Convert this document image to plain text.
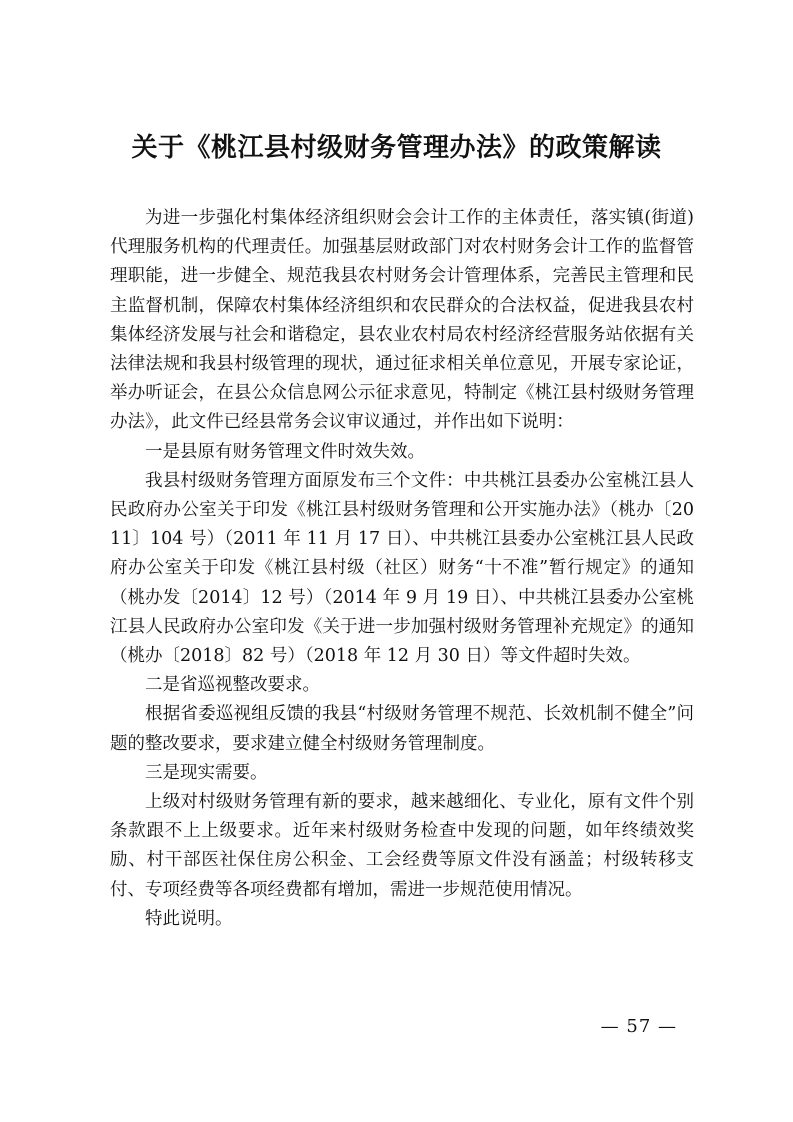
关于《桃江县村级财务管理办法》的政策解读

为进一步强化村集体经济组织财会会计工作的主体责任，落实镇(街道)代理服务机构的代理责任。加强基层财政部门对农村财务会计工作的监督管理职能，进一步健全、规范我县农村财务会计管理体系，完善民主管理和民主监督机制，保障农村集体经济组织和农民群众的合法权益，促进我县农村集体经济发展与社会和谐稳定，县农业农村局农村经济经营服务站依据有关法律法规和我县村级管理的现状，通过征求相关单位意见，开展专家论证，举办听证会，在县公众信息网公示征求意见，特制定《桃江县村级财务管理办法》，此文件已经县常务会议审议通过，并作出如下说明：

一是县原有财务管理文件时效失效。

我县村级财务管理方面原发布三个文件：中共桃江县委办公室桃江县人民政府办公室关于印发《桃江县村级财务管理和公开实施办法》（桃办〔2011〕104 号）（2011 年 11 月 17 日）、中共桃江县委办公室桃江县人民政府办公室关于印发《桃江县村级（社区）财务“十不准”暂行规定》的通知（桃办发〔2014〕12 号）（2014 年 9 月 19 日）、中共桃江县委办公室桃江县人民政府办公室印发《关于进一步加强村级财务管理补充规定》的通知（桃办〔2018〕82 号）（2018 年 12 月 30 日）等文件超时失效。

二是省巡视整改要求。

根据省委巡视组反馈的我县“村级财务管理不规范、长效机制不健全”问题的整改要求，要求建立健全村级财务管理制度。

三是现实需要。

上级对村级财务管理有新的要求，越来越细化、专业化，原有文件个别条款跟不上上级要求。近年来村级财务检查中发现的问题，如年终绩效奖励、村干部医社保住房公积金、工会经费等原文件没有涵盖；村级转移支付、专项经费等各项经费都有增加，需进一步规范使用情况。

特此说明。

— 57 —
